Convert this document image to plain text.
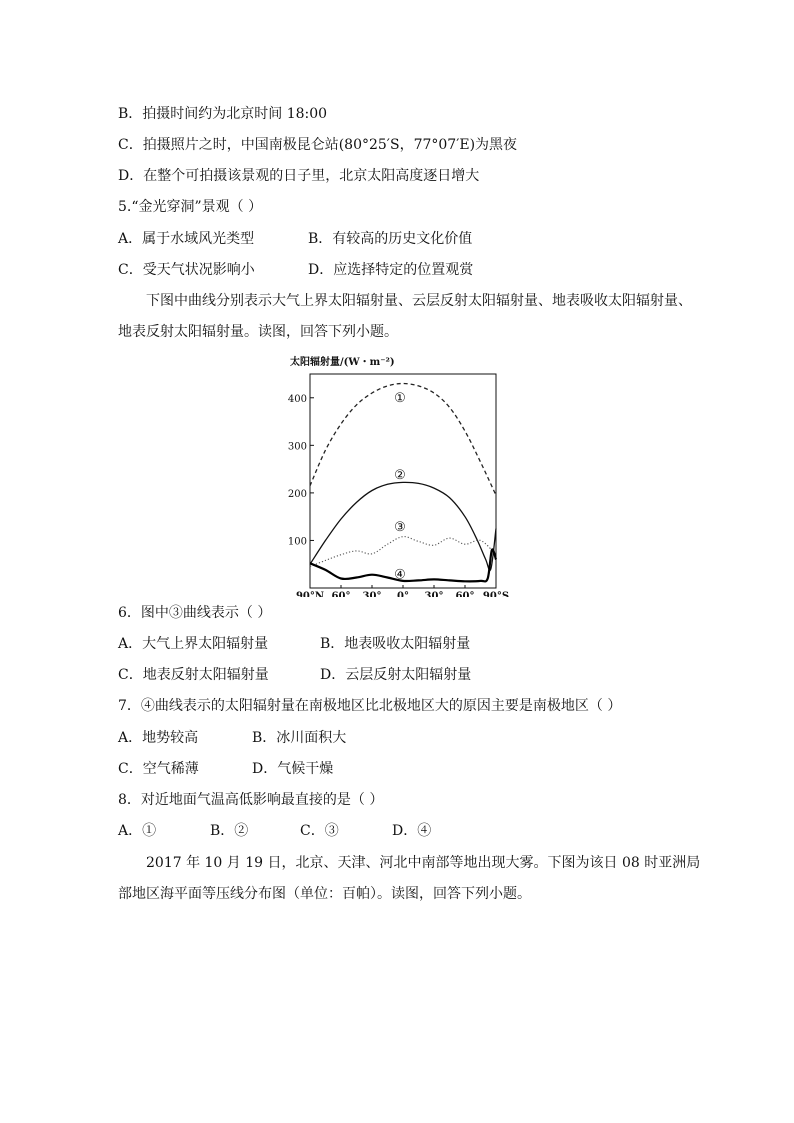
B．拍摄时间约为北京时间 18:00
C．拍摄照片之时，中国南极昆仑站(80°25′S，77°07′E)为黑夜
D．在整个可拍摄该景观的日子里，北京太阳高度逐日增大
5.“金光穿洞”景观（ ）
A．属于水域风光类型	B．有较高的历史文化价值
C．受天气状况影响小	D．应选择特定的位置观赏
下图中曲线分别表示大气上界太阳辐射量、云层反射太阳辐射量、地表吸收太阳辐射量、
地表反射太阳辐射量。读图，回答下列小题。
太阳辐射量/(W・m⁻²)
400
300
200
100
90°N 60° 30° 0° 30° 60° 90°S
①
②
③
④
6．图中③曲线表示（ ）
A．大气上界太阳辐射量	B．地表吸收太阳辐射量
C．地表反射太阳辐射量	D．云层反射太阳辐射量
7．④曲线表示的太阳辐射量在南极地区比北极地区大的原因主要是南极地区（ ）
A．地势较高	B．冰川面积大
C．空气稀薄	D．气候干燥
8．对近地面气温高低影响最直接的是（ ）
A．①	B．②	C．③	D．④
2017 年 10 月 19 日，北京、天津、河北中南部等地出现大雾。下图为该日 08 时亚洲局
部地区海平面等压线分布图（单位：百帕）。读图，回答下列小题。
